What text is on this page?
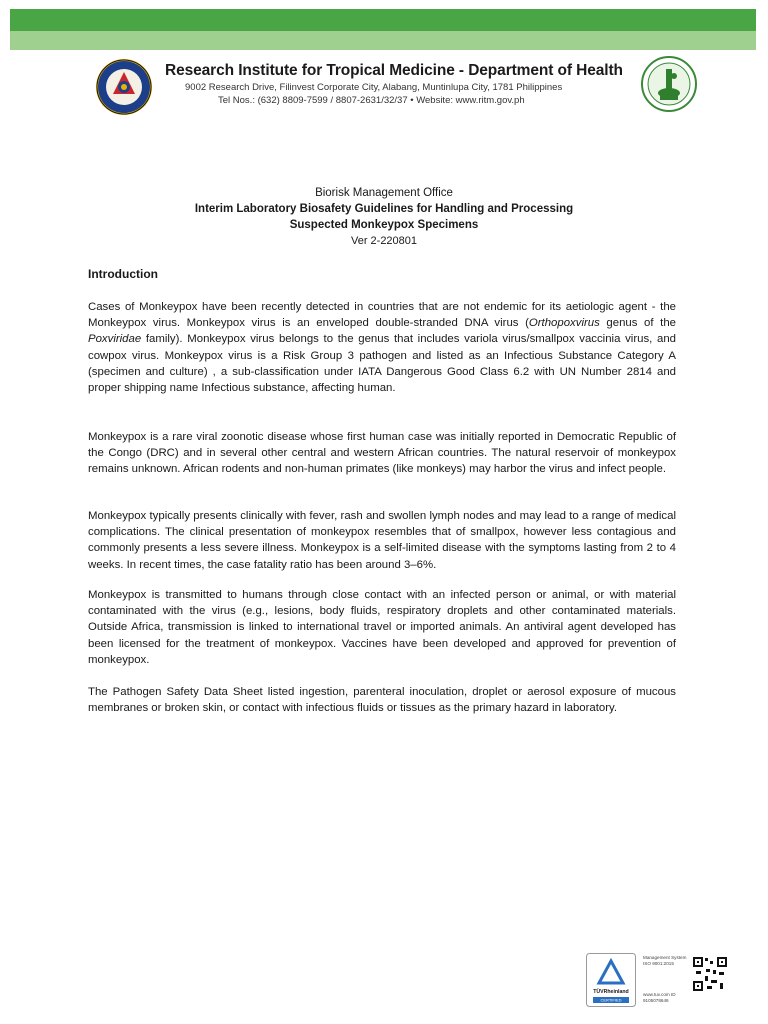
Research Institute for Tropical Medicine - Department of Health
9002 Research Drive, Filinvest Corporate City, Alabang, Muntinlupa City, 1781 Philippines
Tel Nos.: (632) 8809-7599 / 8807-2631/32/37 • Website: www.ritm.gov.ph
Biorisk Management Office
Interim Laboratory Biosafety Guidelines for Handling and Processing
Suspected Monkeypox Specimens
Ver 2-220801
Introduction
Cases of Monkeypox have been recently detected in countries that are not endemic for its aetiologic agent - the Monkeypox virus. Monkeypox virus is an enveloped double-stranded DNA virus (Orthopoxvirus genus of the Poxviridae family). Monkeypox virus belongs to the genus that includes variola virus/smallpox vaccinia virus, and cowpox virus. Monkeypox virus is a Risk Group 3 pathogen and listed as an Infectious Substance Category A (specimen and culture) , a sub-classification under IATA Dangerous Good Class 6.2 with UN Number 2814 and proper shipping name Infectious substance, affecting human.
Monkeypox is a rare viral zoonotic disease whose first human case was initially reported in Democratic Republic of the Congo (DRC) and in several other central and western African countries. The natural reservoir of monkeypox remains unknown. African rodents and non-human primates (like monkeys) may harbor the virus and infect people.
Monkeypox typically presents clinically with fever, rash and swollen lymph nodes and may lead to a range of medical complications. The clinical presentation of monkeypox resembles that of smallpox, however less contagious and commonly presents a less severe illness. Monkeypox is a self-limited disease with the symptoms lasting from 2 to 4 weeks. In recent times, the case fatality ratio has been around 3–6%.
Monkeypox is transmitted to humans through close contact with an infected person or animal, or with material contaminated with the virus (e.g., lesions, body fluids, respiratory droplets and other contaminated materials. Outside Africa, transmission is linked to international travel or imported animals. An antiviral agent developed has been licensed for the treatment of monkeypox. Vaccines have been developed and approved for prevention of monkeypox.
The Pathogen Safety Data Sheet listed ingestion, parenteral inoculation, droplet or aerosol exposure of mucous membranes or broken skin, or contact with infectious fluids or tissues as the primary hazard in laboratory.
TÜVRheinland
CERTIFIED
Management System ISO 9001:2015
www.tuv.com ID 9105078646
